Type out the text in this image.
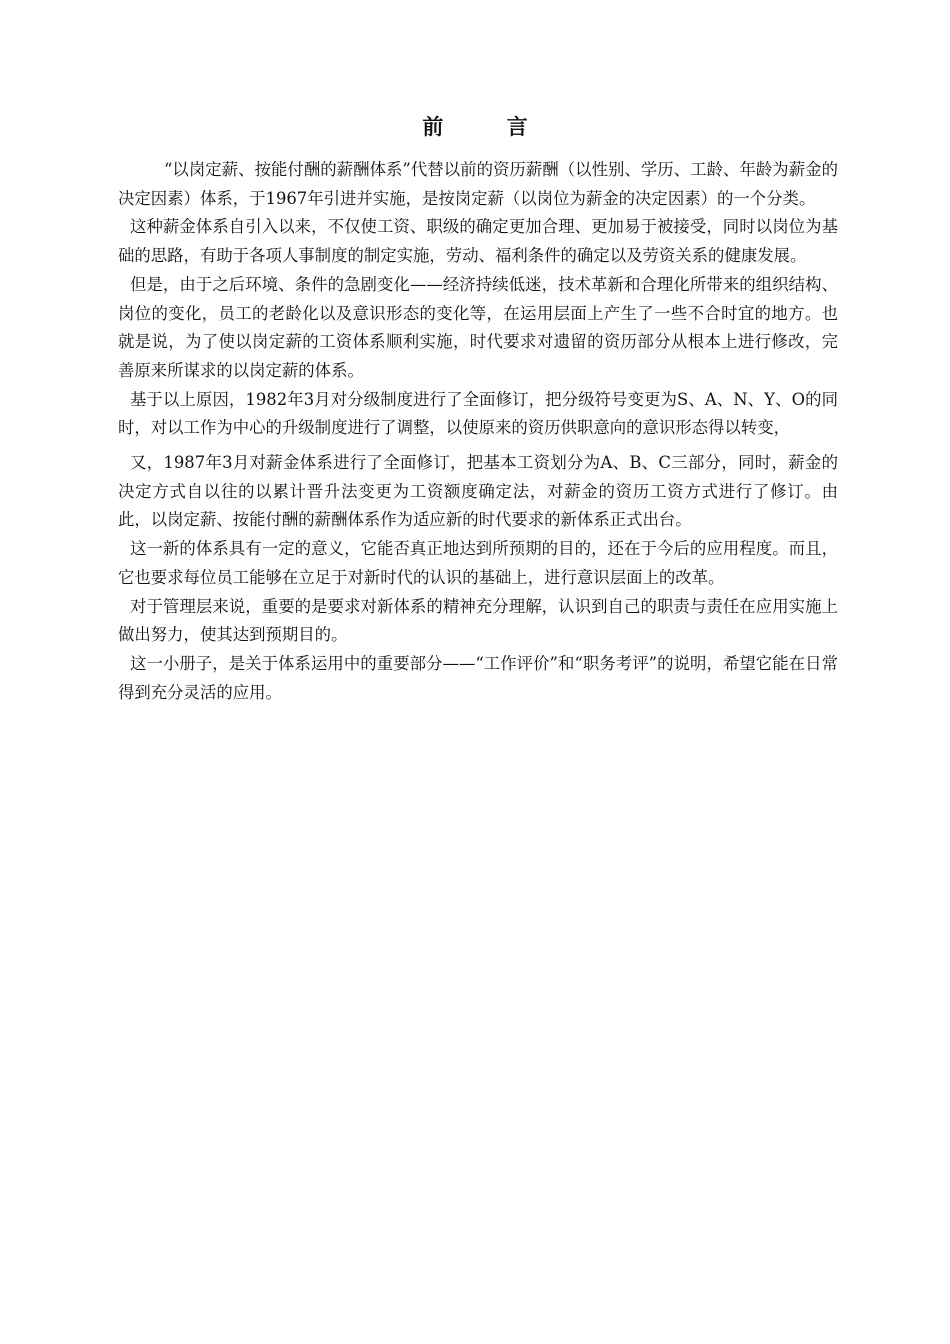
前 言

“以岗定薪、按能付酬的薪酬体系”代替以前的资历薪酬（以性别、学历、工龄、年龄为薪金的决定因素）体系，于1967年引进并实施，是按岗定薪（以岗位为薪金的决定因素）的一个分类。

这种薪金体系自引入以来，不仅使工资、职级的确定更加合理、更加易于被接受，同时以岗位为基础的思路，有助于各项人事制度的制定实施，劳动、福利条件的确定以及劳资关系的健康发展。

但是，由于之后环境、条件的急剧变化——经济持续低迷，技术革新和合理化所带来的组织结构、岗位的变化，员工的老龄化以及意识形态的变化等，在运用层面上产生了一些不合时宜的地方。也就是说，为了使以岗定薪的工资体系顺利实施，时代要求对遗留的资历部分从根本上进行修改，完善原来所谋求的以岗定薪的体系。

基于以上原因，1982年3月对分级制度进行了全面修订，把分级符号变更为S、A、N、Y、O的同时，对以工作为中心的升级制度进行了调整，以使原来的资历供职意向的意识形态得以转变，

又，1987年3月对薪金体系进行了全面修订，把基本工资划分为A、B、C三部分，同时，薪金的决定方式自以往的以累计晋升法变更为工资额度确定法，对薪金的资历工资方式进行了修订。由此，以岗定薪、按能付酬的薪酬体系作为适应新的时代要求的新体系正式出台。

这一新的体系具有一定的意义，它能否真正地达到所预期的目的，还在于今后的应用程度。而且，它也要求每位员工能够在立足于对新时代的认识的基础上，进行意识层面上的改革。

对于管理层来说，重要的是要求对新体系的精神充分理解，认识到自己的职责与责任在应用实施上做出努力，使其达到预期目的。

这一小册子，是关于体系运用中的重要部分——“工作评价”和“职务考评”的说明，希望它能在日常得到充分灵活的应用。
